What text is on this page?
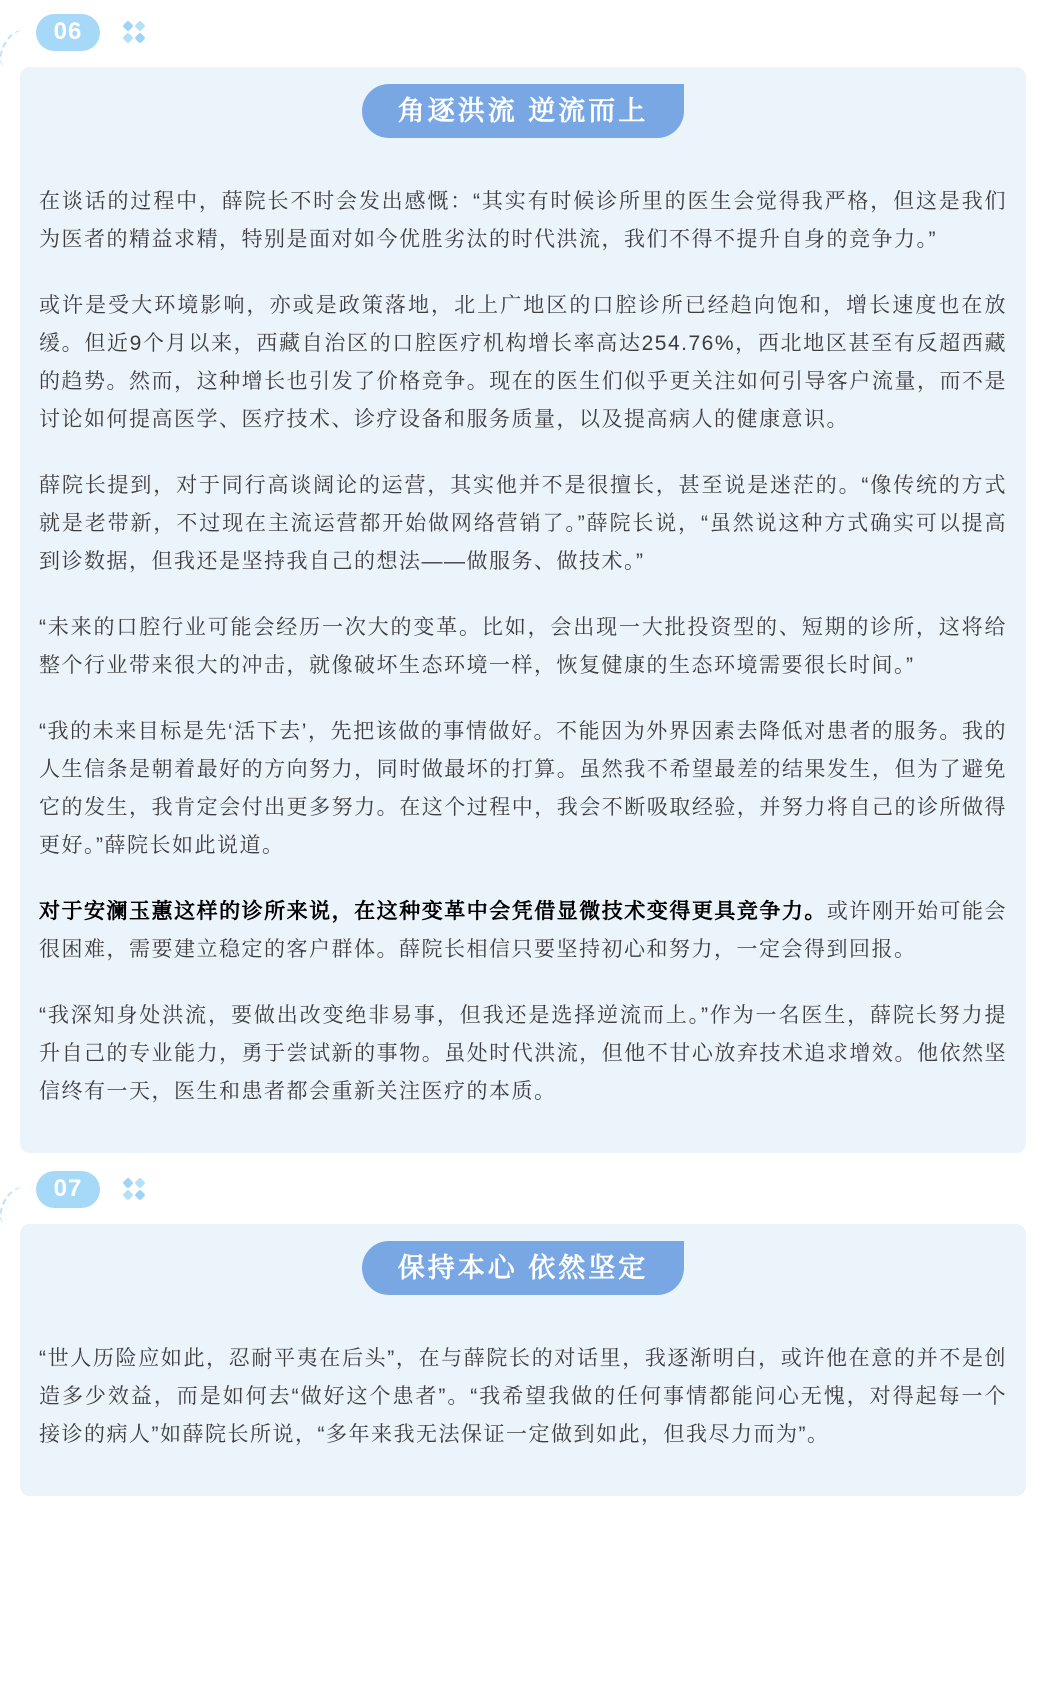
06
角逐洪流 逆流而上

在谈话的过程中，薛院长不时会发出感慨：“其实有时候诊所里的医生会觉得我严格，但这是我们为医者的精益求精，特别是面对如今优胜劣汰的时代洪流，我们不得不提升自身的竞争力。”

或许是受大环境影响，亦或是政策落地，北上广地区的口腔诊所已经趋向饱和，增长速度也在放缓。但近9个月以来，西藏自治区的口腔医疗机构增长率高达254.76%，西北地区甚至有反超西藏的趋势。然而，这种增长也引发了价格竞争。现在的医生们似乎更关注如何引导客户流量，而不是讨论如何提高医学、医疗技术、诊疗设备和服务质量，以及提高病人的健康意识。

薛院长提到，对于同行高谈阔论的运营，其实他并不是很擅长，甚至说是迷茫的。“像传统的方式就是老带新，不过现在主流运营都开始做网络营销了。”薛院长说，“虽然说这种方式确实可以提高到诊数据，但我还是坚持我自己的想法——做服务、做技术。”

“未来的口腔行业可能会经历一次大的变革。比如，会出现一大批投资型的、短期的诊所，这将给整个行业带来很大的冲击，就像破坏生态环境一样，恢复健康的生态环境需要很长时间。”

“我的未来目标是先‘活下去’，先把该做的事情做好。不能因为外界因素去降低对患者的服务。我的人生信条是朝着最好的方向努力，同时做最坏的打算。虽然我不希望最差的结果发生，但为了避免它的发生，我肯定会付出更多努力。在这个过程中，我会不断吸取经验，并努力将自己的诊所做得更好。”薛院长如此说道。

对于安澜玉蕙这样的诊所来说，在这种变革中会凭借显微技术变得更具竞争力。或许刚开始可能会很困难，需要建立稳定的客户群体。薛院长相信只要坚持初心和努力，一定会得到回报。

“我深知身处洪流，要做出改变绝非易事，但我还是选择逆流而上。”作为一名医生，薛院长努力提升自己的专业能力，勇于尝试新的事物。虽处时代洪流，但他不甘心放弃技术追求增效。他依然坚信终有一天，医生和患者都会重新关注医疗的本质。

07
保持本心 依然坚定

“世人历险应如此，忍耐平夷在后头”，在与薛院长的对话里，我逐渐明白，或许他在意的并不是创造多少效益，而是如何去“做好这个患者”。“我希望我做的任何事情都能问心无愧，对得起每一个接诊的病人”如薛院长所说，“多年来我无法保证一定做到如此，但我尽力而为”。
